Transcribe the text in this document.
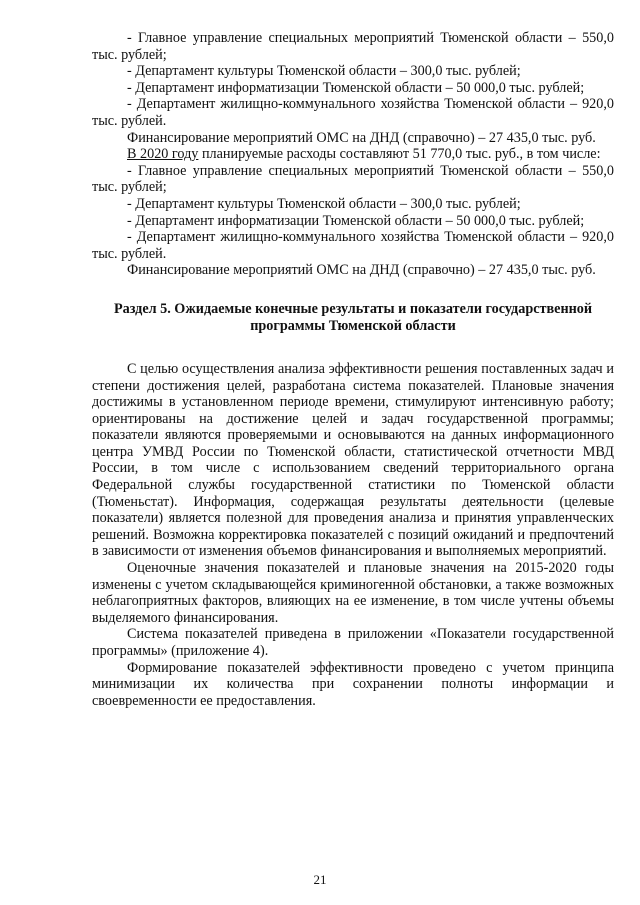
- Главное управление специальных мероприятий Тюменской области – 550,0 тыс. рублей;

- Департамент культуры Тюменской области – 300,0 тыс. рублей;

- Департамент информатизации Тюменской области – 50 000,0 тыс. рублей;

- Департамент жилищно-коммунального хозяйства Тюменской области – 920,0 тыс. рублей.

Финансирование мероприятий ОМС на ДНД (справочно) – 27 435,0 тыс. руб.

В 2020 году планируемые расходы составляют 51 770,0 тыс. руб., в том числе:

- Главное управление специальных мероприятий Тюменской области – 550,0 тыс. рублей;

- Департамент культуры Тюменской области – 300,0 тыс. рублей;

- Департамент информатизации Тюменской области – 50 000,0 тыс. рублей;

- Департамент жилищно-коммунального хозяйства Тюменской области – 920,0 тыс. рублей.

Финансирование мероприятий ОМС на ДНД (справочно) – 27 435,0 тыс. руб.

Раздел 5. Ожидаемые конечные результаты и показатели государственной
программы Тюменской области

С целью осуществления анализа эффективности решения поставленных задач и степени достижения целей, разработана система показателей. Плановые значения достижимы в установленном периоде времени, стимулируют интенсивную работу; ориентированы на достижение целей и задач государственной программы; показатели являются проверяемыми и основываются на данных информационного центра УМВД России по Тюменской области, статистической отчетности МВД России, в том числе с использованием сведений территориального органа Федеральной службы государственной статистики по Тюменской области (Тюменьстат). Информация, содержащая результаты деятельности (целевые показатели) является полезной для проведения анализа и принятия управленческих решений. Возможна корректировка показателей с позиций ожиданий и предпочтений в зависимости от изменения объемов финансирования и выполняемых мероприятий.

Оценочные значения показателей и плановые значения на 2015-2020 годы изменены с учетом складывающейся криминогенной обстановки, а также возможных неблагоприятных факторов, влияющих на ее изменение, в том числе учтены объемы выделяемого финансирования.

Система показателей приведена в приложении «Показатели государственной программы» (приложение 4).

Формирование показателей эффективности проведено с учетом принципа минимизации их количества при сохранении полноты информации и своевременности ее предоставления.

21
